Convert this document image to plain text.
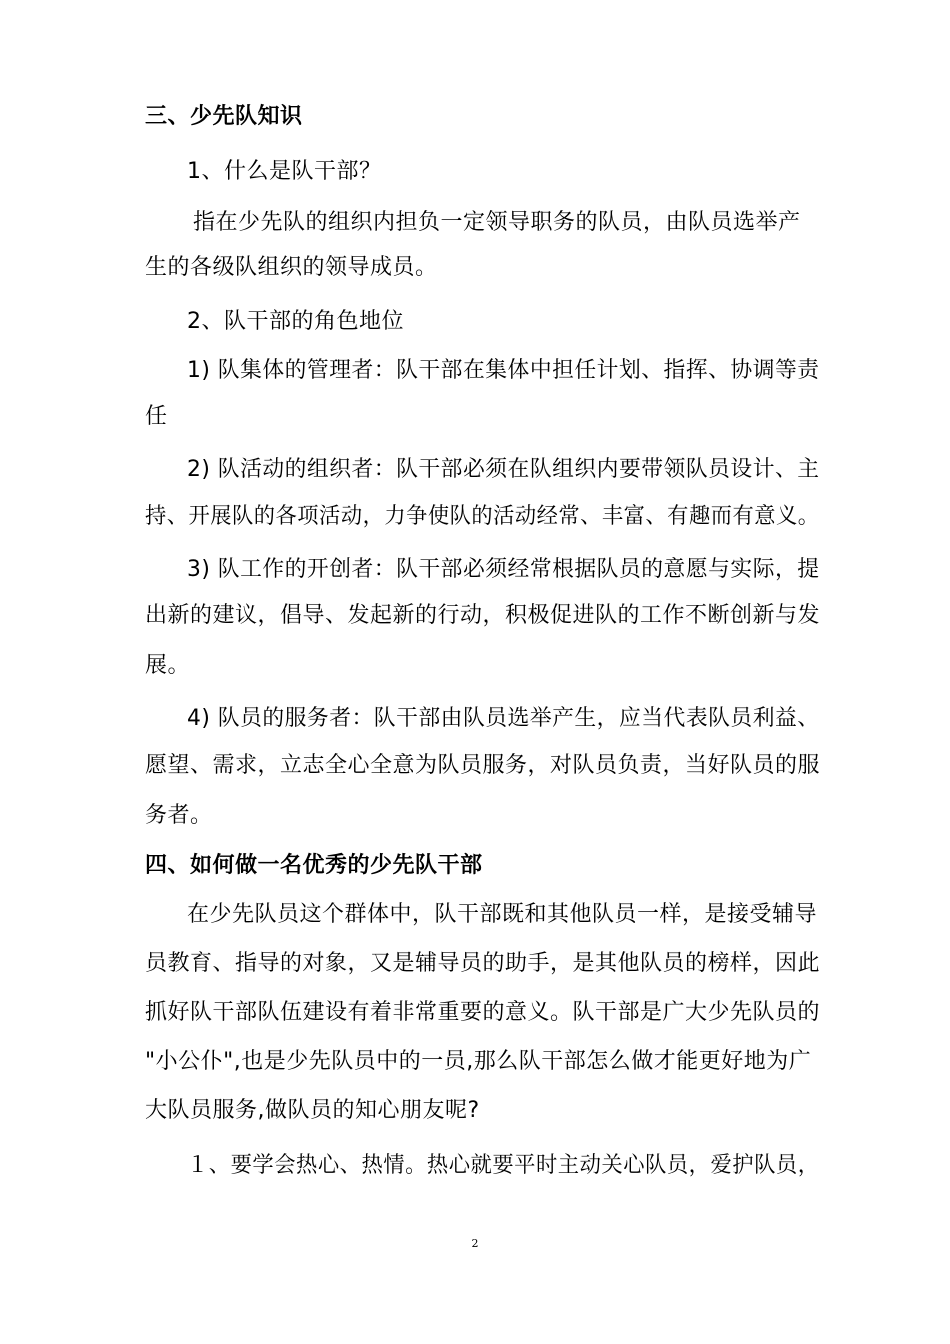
三、少先队知识
1、什么是队干部？
指在少先队的组织内担负一定领导职务的队员，由队员选举产
生的各级队组织的领导成员。
2、队干部的角色地位
1) 队集体的管理者：队干部在集体中担任计划、指挥、协调等责
任
2) 队活动的组织者：队干部必须在队组织内要带领队员设计、主
持、开展队的各项活动，力争使队的活动经常、丰富、有趣而有意义。
3) 队工作的开创者：队干部必须经常根据队员的意愿与实际，提
出新的建议，倡导、发起新的行动，积极促进队的工作不断创新与发
展。
4) 队员的服务者：队干部由队员选举产生，应当代表队员利益、
愿望、需求，立志全心全意为队员服务，对队员负责，当好队员的服
务者。
四、如何做一名优秀的少先队干部
在少先队员这个群体中，队干部既和其他队员一样，是接受辅导
员教育、指导的对象，又是辅导员的助手，是其他队员的榜样，因此
抓好队干部队伍建设有着非常重要的意义。队干部是广大少先队员的
"小公仆",也是少先队员中的一员,那么队干部怎么做才能更好地为广
大队员服务,做队员的知心朋友呢?
１、要学会热心、热情。热心就要平时主动关心队员，爱护队员，
2
